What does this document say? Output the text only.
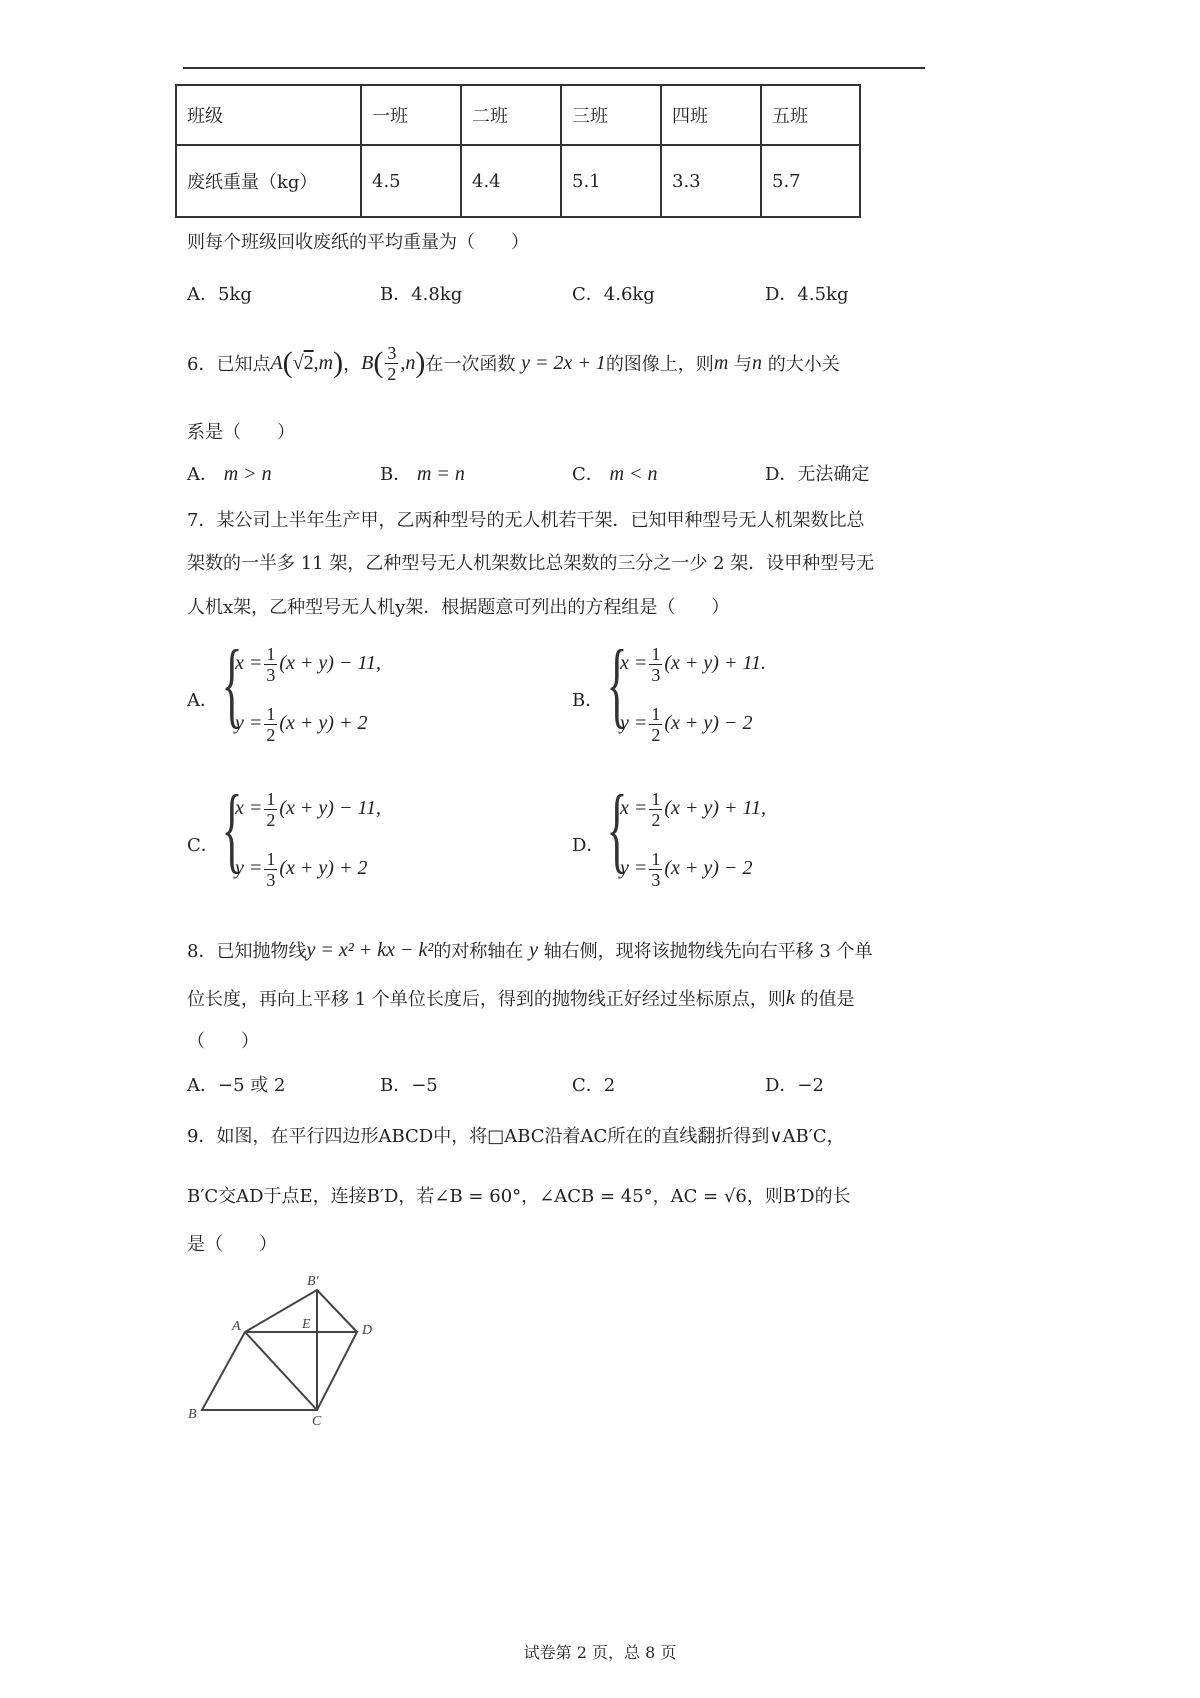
班级	一班	二班	三班	四班	五班
废纸重量（kg）	4.5	4.4	5.1	3.3	5.7
则每个班级回收废纸的平均重量为（　　）
A．5kg	B．4.8kg	C．4.6kg	D．4.5kg
6．已知点 A ( √2, m ) ， B ( $\frac{3}{2}$ , n ) 在一次函数
y = 2x + 1 的图像上，则 m
与 n
的大小关
系是（　　）
A． m > n	B． m = n	C． m < n	D．无法确定
7．某公司上半年生产甲，乙两种型号的无人机若干架．已知甲种型号无人机架数比总
架数的一半多 11 架，乙种型号无人机架数比总架数的三分之一少 2 架．设甲种型号无
人机x架，乙种型号无人机y架．根据题意可列出的方程组是（　　）
A． {
$x = \frac{1}{3} (x + y) - 11$,
$y = \frac{1}{2} (x + y) + 2$
B． {
$x = \frac{1}{3} (x + y) + 11$.
$y = \frac{1}{2} (x + y) - 2$
C． {
$x = \frac{1}{2} (x + y) - 11$,
$y = \frac{1}{3} (x + y) + 2$
D． {
$x = \frac{1}{2} (x + y) + 11$,
$y = \frac{1}{3} (x + y) - 2$
8．已知抛物线 y = x² + kx − k² 的对称轴在
y
轴右侧，现将该抛物线先向右平移 3 个单
位长度，再向上平移 1 个单位长度后，得到的抛物线正好经过坐标原点，则 k
的值是
（　　）
A．−5 或 2	B．−5	C．2	D．−2
9．如图，在平行四边形ABCD中，将□ABC沿着AC所在的直线翻折得到∨AB′C，
B′C交AD于点E，连接B′D，若∠B = 60°，∠ACB = 45°，AC = √6，则B′D的长
是（　　）
A
B	C
D
E
B′
试卷第 2 页，总 8 页
